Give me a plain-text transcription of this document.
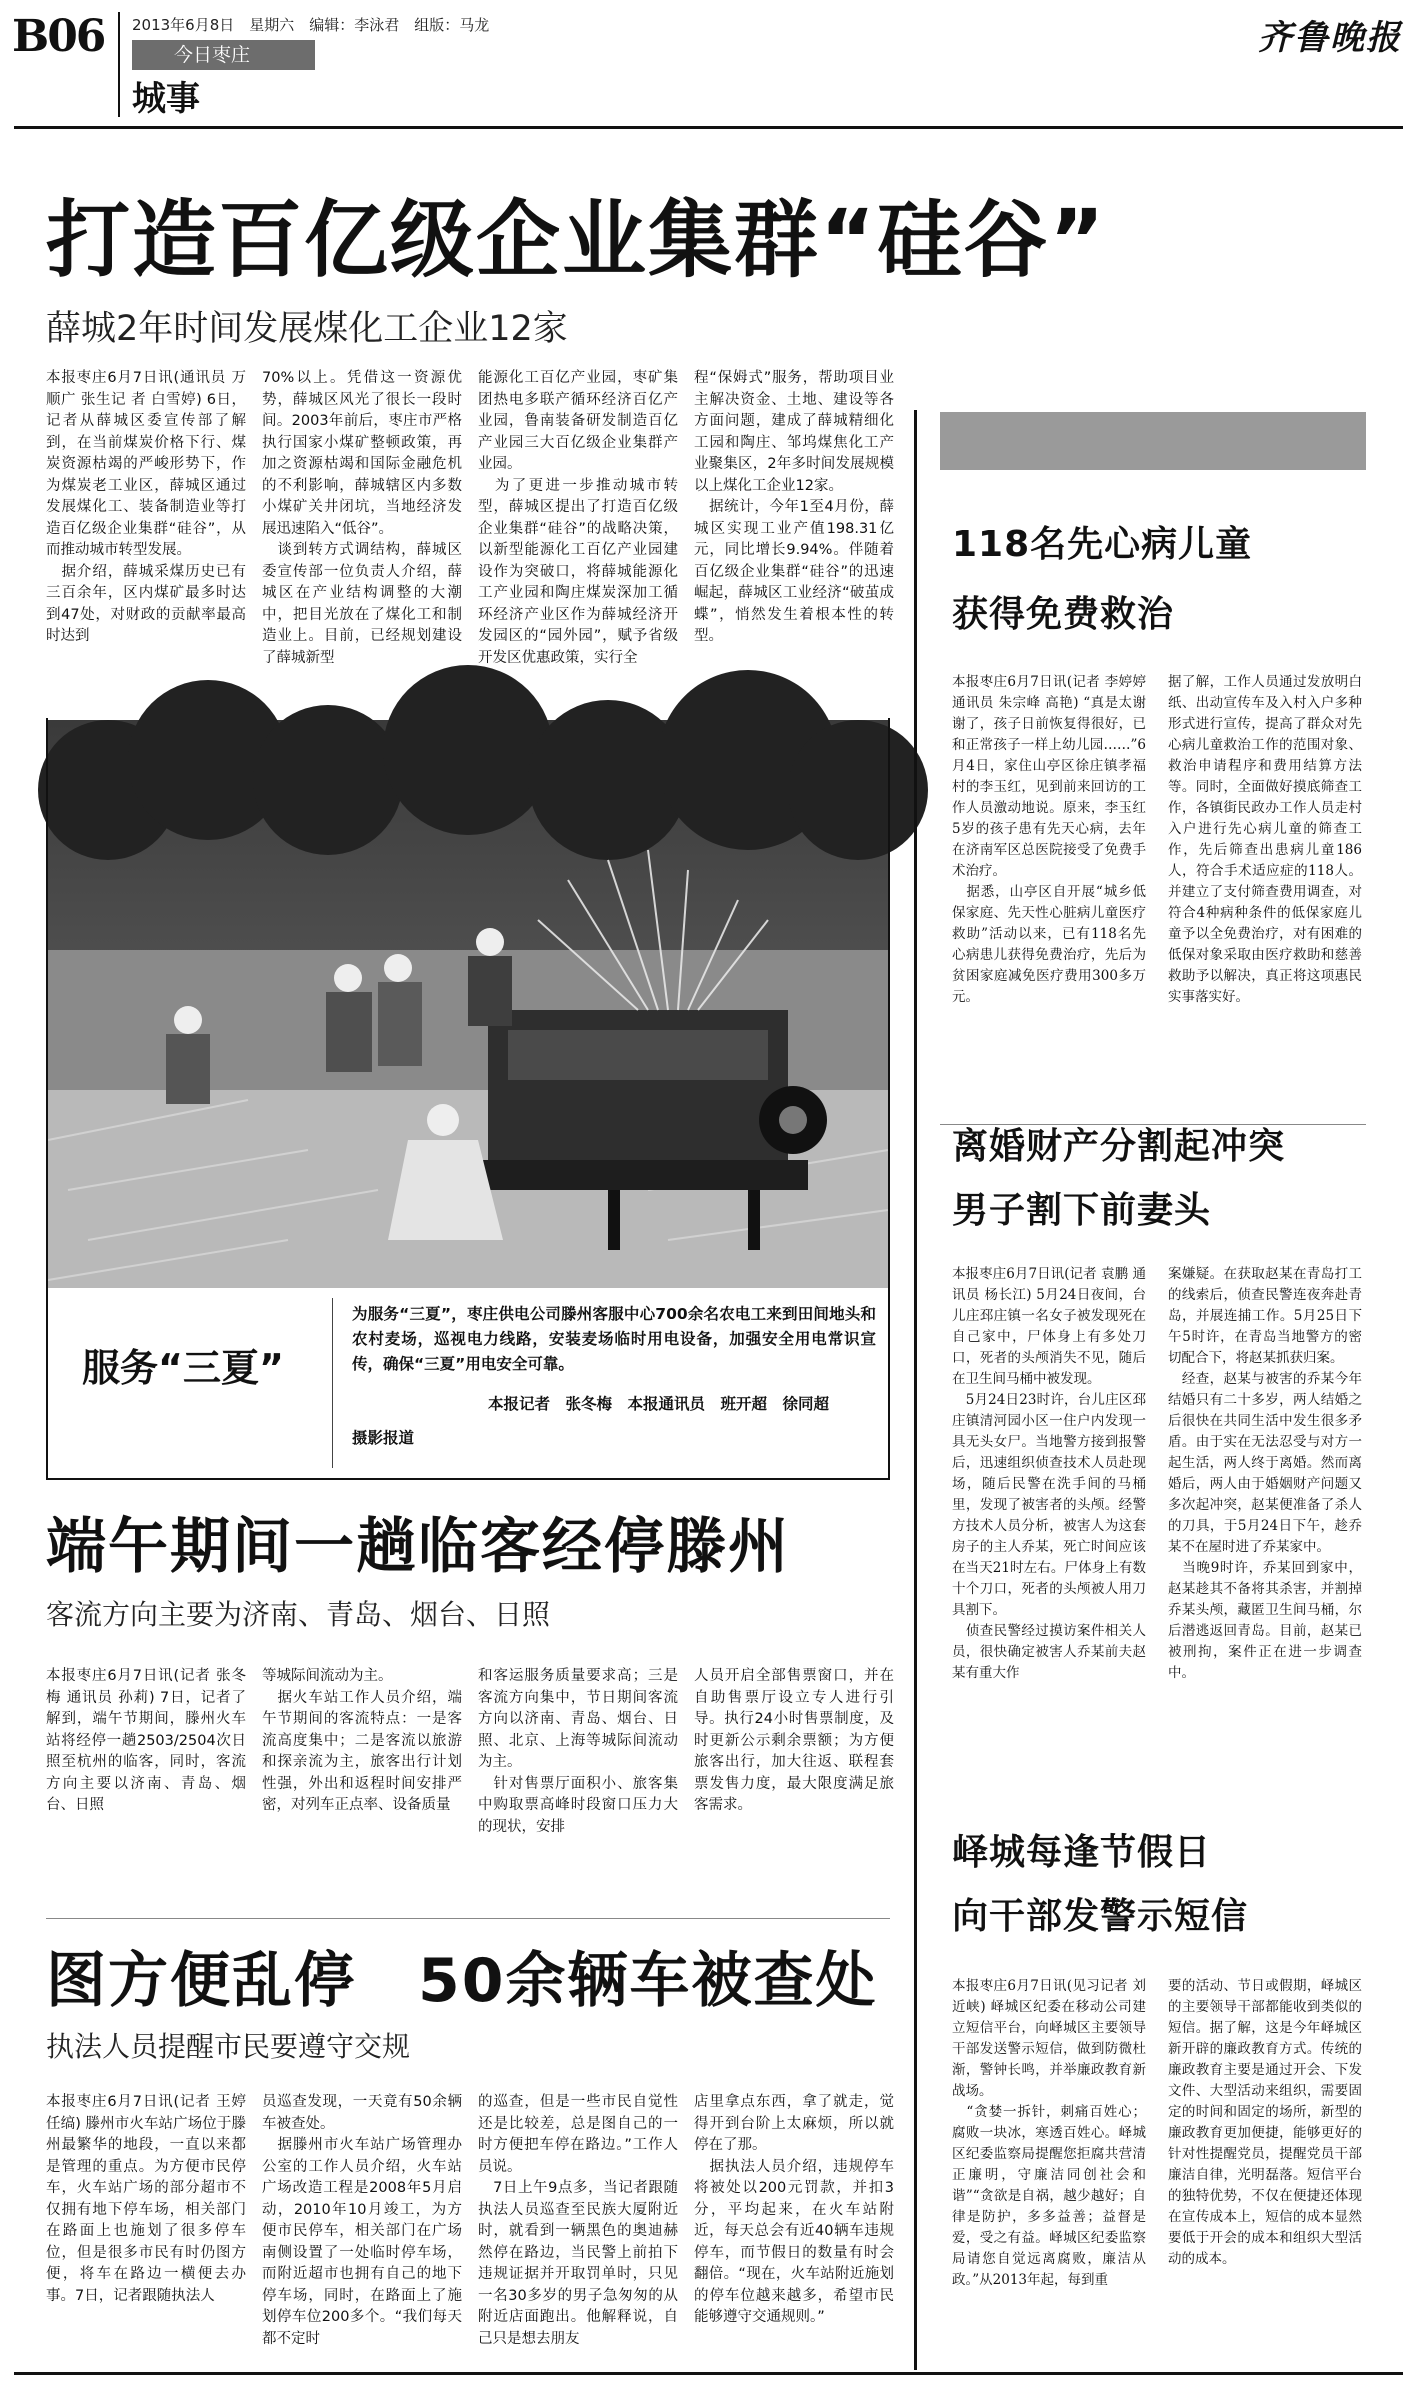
B06 2013年6月8日　星期六　编辑：李泳君　组版：马龙
今日枣庄
城事
齐鲁晚报
打造百亿级企业集群“硅谷”
薛城2年时间发展煤化工企业12家
本报枣庄6月7日讯(通讯员 万顺广 张生记 者 白雪婷) 6日，记者从薛城区委宣传部了解到，在当前煤炭价格下行、煤炭资源枯竭的严峻形势下，作为煤炭老工业区，薛城区通过发展煤化工、装备制造业等打造百亿级企业集群“硅谷”，从而推动城市转型发展。
　据介绍，薛城采煤历史已有三百余年，区内煤矿最多时达到47处，对财政的贡献率最高时达到
70%以上。凭借这一资源优势，薛城区风光了很长一段时间。2003年前后，枣庄市严格执行国家小煤矿整顿政策，再加之资源枯竭和国际金融危机的不利影响，薛城辖区内多数小煤矿关井闭坑，当地经济发展迅速陷入“低谷”。
　谈到转方式调结构，薛城区委宣传部一位负责人介绍，薛城区在产业结构调整的大潮中，把目光放在了煤化工和制造业上。目前，已经规划建设了薛城新型
能源化工百亿产业园，枣矿集团热电多联产循环经济百亿产业园，鲁南装备研发制造百亿产业园三大百亿级企业集群产业园。
　为了更进一步推动城市转型，薛城区提出了打造百亿级企业集群“硅谷”的战略决策，以新型能源化工百亿产业园建设作为突破口，将薛城能源化工产业园和陶庄煤炭深加工循环经济产业区作为薛城经济开发园区的“园外园”，赋予省级开发区优惠政策，实行全
程“保姆式”服务，帮助项目业主解决资金、土地、建设等各方面问题，建成了薛城精细化工园和陶庄、邹坞煤焦化工产业聚集区，2年多时间发展规模以上煤化工企业12家。
　据统计，今年1至4月份，薛城区实现工业产值198.31亿元，同比增长9.94%。伴随着百亿级企业集群“硅谷”的迅速崛起，薛城区工业经济“破茧成蝶”，悄然发生着根本性的转型。
服务“三夏”
为服务“三夏”，枣庄供电公司滕州客服中心700余名农电工来到田间地头和农村麦场，巡视电力线路，安装麦场临时用电设备，加强安全用电常识宣传，确保“三夏”用电安全可靠。
本报记者　张冬梅　本报通讯员　班开超　徐同超
摄影报道
端午期间一趟临客经停滕州
客流方向主要为济南、青岛、烟台、日照
本报枣庄6月7日讯(记者 张冬梅 通讯员 孙莉) 7日，记者了解到，端午节期间，滕州火车站将经停一趟2503/2504次日照至杭州的临客，同时，客流方向主要以济南、青岛、烟台、日照
等城际间流动为主。
　据火车站工作人员介绍，端午节期间的客流特点：一是客流高度集中；二是客流以旅游和探亲流为主，旅客出行计划性强，外出和返程时间安排严密，对列车正点率、设备质量
和客运服务质量要求高；三是客流方向集中，节日期间客流方向以济南、青岛、烟台、日照、北京、上海等城际间流动为主。
　针对售票厅面积小、旅客集中购取票高峰时段窗口压力大的现状，安排
人员开启全部售票窗口，并在自助售票厅设立专人进行引导。执行24小时售票制度，及时更新公示剩余票额；为方便旅客出行，加大往返、联程套票发售力度，最大限度满足旅客需求。
图方便乱停　50余辆车被查处
执法人员提醒市民要遵守交规
本报枣庄6月7日讯(记者 王婷 任缟) 滕州市火车站广场位于滕州最繁华的地段，一直以来都是管理的重点。为方便市民停车，火车站广场的部分超市不仅拥有地下停车场，相关部门在路面上也施划了很多停车位，但是很多市民有时仍图方便，将车在路边一横便去办事。7日，记者跟随执法人
员巡查发现，一天竟有50余辆车被查处。
　据滕州市火车站广场管理办公室的工作人员介绍，火车站广场改造工程是2008年5月启动，2010年10月竣工，为方便市民停车，相关部门在广场南侧设置了一处临时停车场，而附近超市也拥有自己的地下停车场，同时，在路面上了施划停车位200多个。“我们每天都不定时
的巡查，但是一些市民自觉性还是比较差，总是图自己的一时方便把车停在路边。”工作人员说。
　7日上午9点多，当记者跟随执法人员巡查至民族大厦附近时，就看到一辆黑色的奥迪赫然停在路边，当民警上前拍下违规证据并开取罚单时，只见一名30多岁的男子急匆匆的从附近店面跑出。他解释说，自己只是想去朋友
店里拿点东西，拿了就走，觉得开到台阶上太麻烦，所以就停在了那。
　据执法人员介绍，违规停车将被处以200元罚款，并扣3分，平均起来，在火车站附近，每天总会有近40辆车违规停车，而节假日的数量有时会翻倍。“现在，火车站附近施划的停车位越来越多，希望市民能够遵守交通规则。”
118名先心病儿童
获得免费救治
本报枣庄6月7日讯(记者 李婷婷 通讯员 朱宗峰 高艳) “真是太谢谢了，孩子日前恢复得很好，已和正常孩子一样上幼儿园……”6月4日，家住山亭区徐庄镇孝福村的李玉红，见到前来回访的工作人员激动地说。原来，李玉红5岁的孩子患有先天心病，去年在济南军区总医院接受了免费手术治疗。
　据悉，山亭区自开展“城乡低保家庭、先天性心脏病儿童医疗救助”活动以来，已有118名先心病患儿获得免费治疗，先后为贫困家庭减免医疗费用300多万元。
据了解，工作人员通过发放明白纸、出动宣传车及入村入户多种形式进行宣传，提高了群众对先心病儿童救治工作的范围对象、救治申请程序和费用结算方法等。同时，全面做好摸底筛查工作，各镇街民政办工作人员走村入户进行先心病儿童的筛查工作，先后筛查出患病儿童186人，符合手术适应症的118人。并建立了支付筛查费用调查，对符合4种病种条件的低保家庭儿童予以全免费治疗，对有困难的低保对象采取由医疗救助和慈善救助予以解决，真正将这项惠民实事落实好。
离婚财产分割起冲突
男子割下前妻头
本报枣庄6月7日讯(记者 袁鹏 通讯员 杨长江) 5月24日夜间，台儿庄邳庄镇一名女子被发现死在自己家中，尸体身上有多处刀口，死者的头颅消失不见，随后在卫生间马桶中被发现。
　5月24日23时许，台儿庄区邳庄镇清河园小区一住户内发现一具无头女尸。当地警方接到报警后，迅速组织侦查技术人员赴现场，随后民警在洗手间的马桶里，发现了被害者的头颅。经警方技术人员分析，被害人为这套房子的主人乔某，死亡时间应该在当天21时左右。尸体身上有数十个刀口，死者的头颅被人用刀具割下。
　侦查民警经过摸访案件相关人员，很快确定被害人乔某前夫赵某有重大作
案嫌疑。在获取赵某在青岛打工的线索后，侦查民警连夜奔赴青岛，并展连捕工作。5月25日下午5时许，在青岛当地警方的密切配合下，将赵某抓获归案。
　经查，赵某与被害的乔某今年结婚只有二十多岁，两人结婚之后很快在共同生活中发生很多矛盾。由于实在无法忍受与对方一起生活，两人终于离婚。然而离婚后，两人由于婚姻财产问题又多次起冲突，赵某便准备了杀人的刀具，于5月24日下午，趁乔某不在屋时进了乔某家中。
　当晚9时许，乔某回到家中，赵某趁其不备将其杀害，并割掉乔某头颅，藏匿卫生间马桶，尔后潜逃返回青岛。目前，赵某已被刑拘，案件正在进一步调查中。
峄城每逢节假日
向干部发警示短信
本报枣庄6月7日讯(见习记者 刘近峡) 峄城区纪委在移动公司建立短信平台，向峄城区主要领导干部发送警示短信，做到防微杜渐，警钟长鸣，并举廉政教育新战场。
　“贪婪一拆针，刺痛百姓心；腐败一块冰，寒透百姓心。峄城区纪委监察局提醒您拒腐共营清正廉明，守廉洁同创社会和谐”“贪欲是自祸，越少越好；自律是防护，多多益善；益督是爱，受之有益。峄城区纪委监察局请您自觉远离腐败，廉洁从政。”从2013年起，每到重
要的活动、节日或假期，峄城区的主要领导干部都能收到类似的短信。据了解，这是今年峄城区新开辟的廉政教育方式。传统的廉政教育主要是通过开会、下发文件、大型活动来组织，需要固定的时间和固定的场所，新型的廉政教育更加便捷，能够更好的针对性提醒党员，提醒党员干部廉洁自律，光明磊落。短信平台的独特优势，不仅在便捷还体现在宣传成本上，短信的成本显然要低于开会的成本和组织大型活动的成本。
